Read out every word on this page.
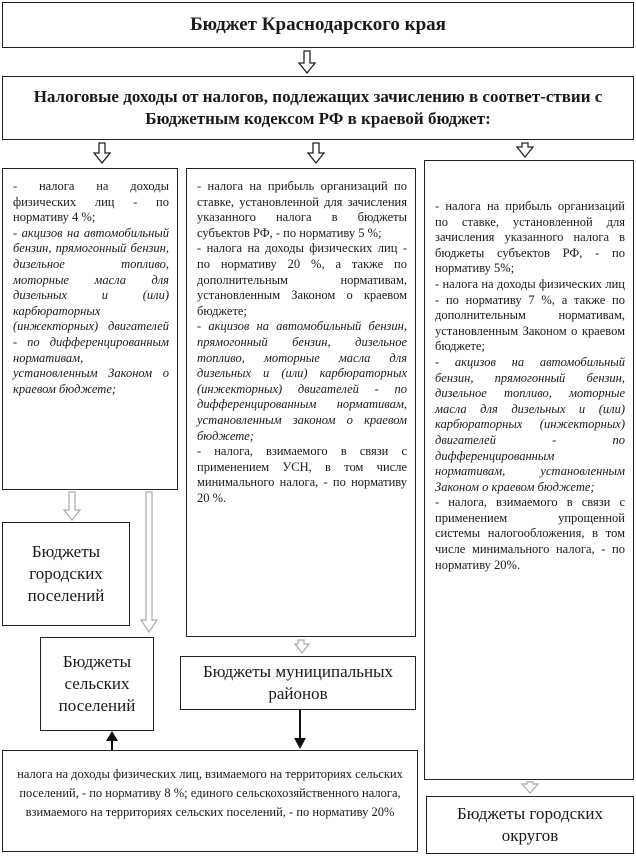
Бюджет Краснодарского края
Налоговые доходы от налогов, подлежащих зачислению в соответ-ствии с Бюджетным кодексом РФ в краевой бюджет:

- налога на доходы физических лиц - по нормативу 4 %;

- акцизов на автомобильный бензин, прямогонный бензин, дизельное топливо, моторные масла для дизельных и (или) карбюраторных (инжекторных) двигателей - по дифференцированным нормативам, установленным Законом о краевом бюджете;

- налога на прибыль организаций по ставке, установленной для зачисления указанного налога в бюджеты субъектов РФ, - по нормативу 5 %;

- налога на доходы физических лиц - по нормативу 20 %, а также по дополнительным нормативам, установленным Законом о краевом бюджете;

- акцизов на автомобильный бензин, прямогонный бензин, дизельное топливо, моторные масла для дизельных и (или) карбюраторных (инжекторных) двигателей - по дифференцированным нормативам, установленным законом о краевом бюджете;

- налога, взимаемого в связи с применением УСН, в том числе минимального налога, - по нормативу 20 %.

- налога на прибыль организаций по ставке, установленной для зачисления указанного налога в бюджеты субъектов РФ, - по нормативу 5%;

- налога на доходы физических лиц - по нормативу 7 %, а также по дополнительным нормативам, установленным Законом о краевом бюджете;

- акцизов на автомобильный бензин, прямогонный бензин, дизельное топливо, моторные масла для дизельных и (или) карбюраторных (инжекторных) двигателей - по дифференцированным нормативам, установленным Законом о краевом бюджете;

- налога, взимаемого в связи с применением упрощенной системы налогообложения, в том числе минимального налога, - по нормативу 20%.

Бюджеты городских поселений
Бюджеты сельских поселений
Бюджеты муниципальных районов
Бюджеты городских округов
налога на доходы физических лиц, взимаемого на территориях сельских поселений, - по нормативу 8 %; единого сельскохозяйственного налога, взимаемого на территориях сельских поселений, - по нормативу 20%
